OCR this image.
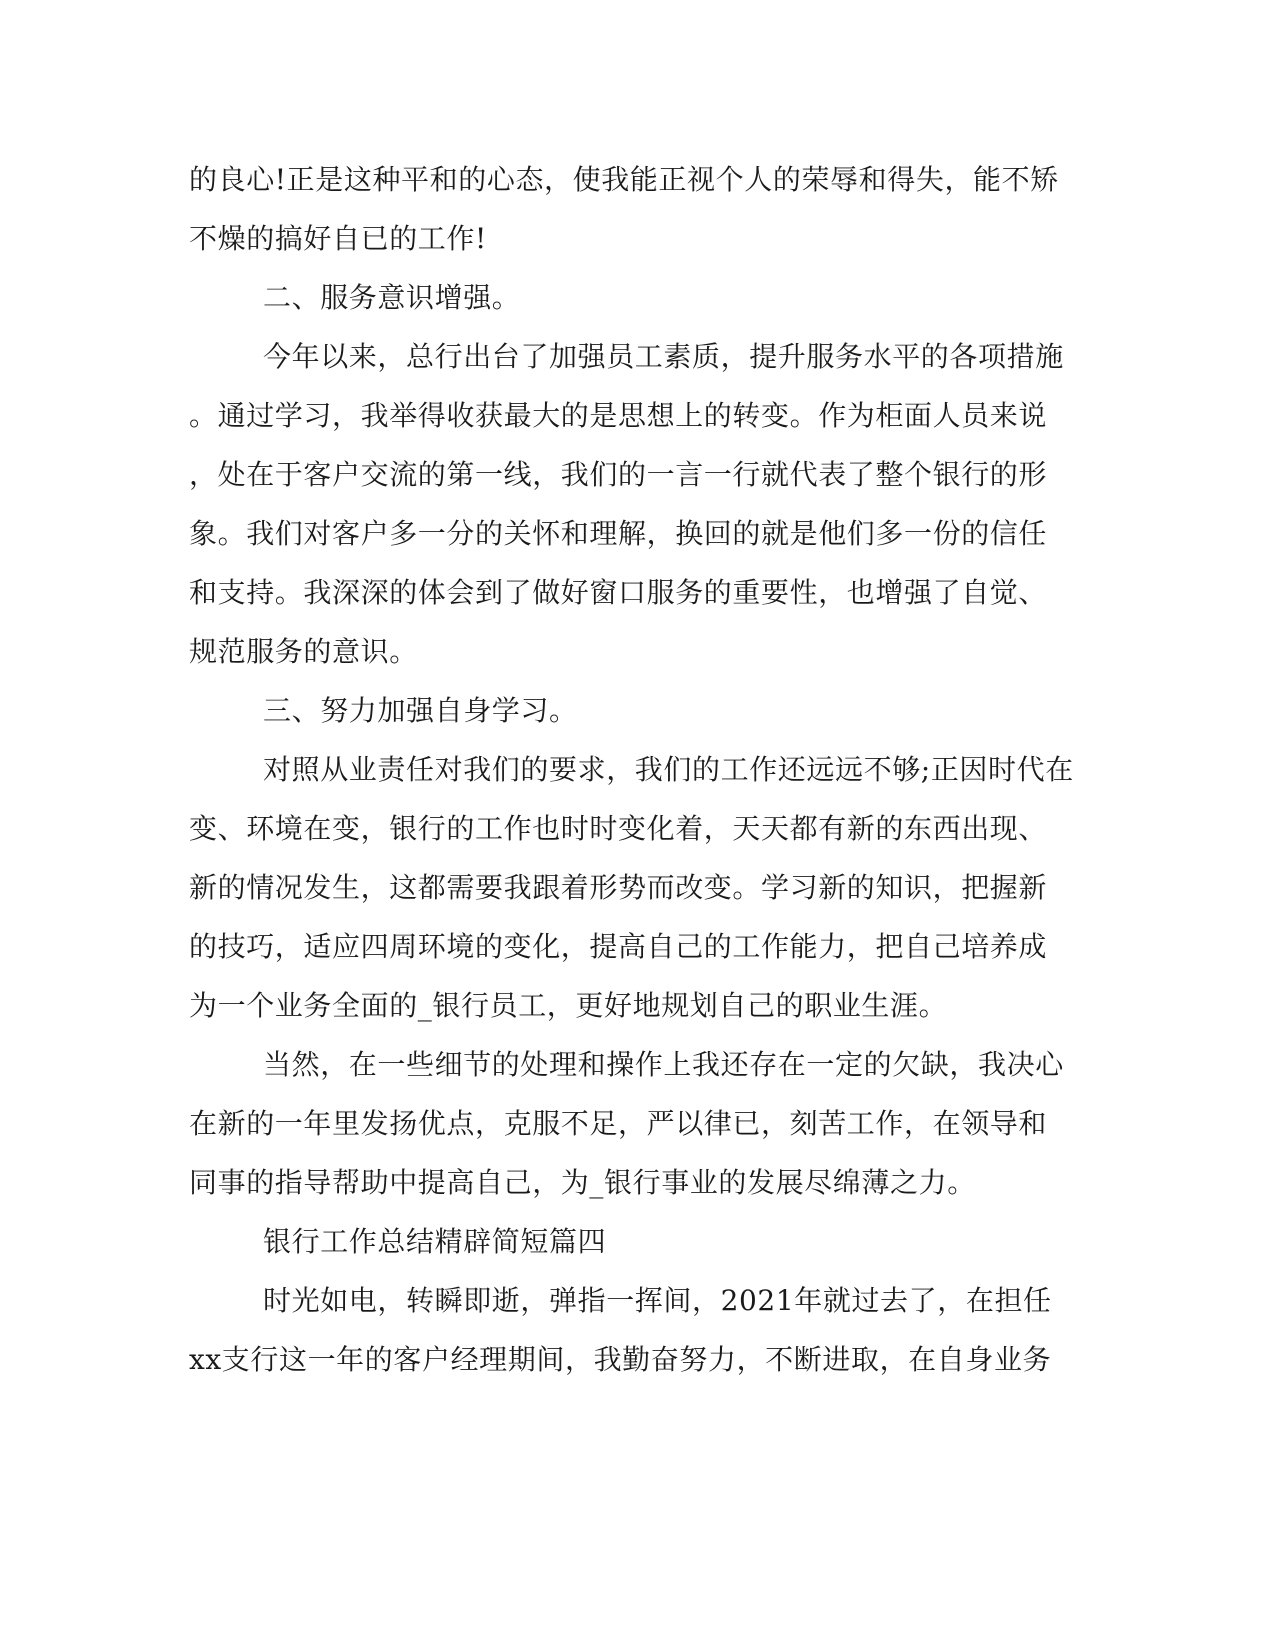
的良心!正是这种平和的心态，使我能正视个人的荣辱和得失，能不矫
不燥的搞好自已的工作!
二、服务意识增强。
今年以来，总行出台了加强员工素质，提升服务水平的各项措施
。通过学习，我举得收获最大的是思想上的转变。作为柜面人员来说
，处在于客户交流的第一线，我们的一言一行就代表了整个银行的形
象。我们对客户多一分的关怀和理解，换回的就是他们多一份的信任
和支持。我深深的体会到了做好窗口服务的重要性，也增强了自觉、
规范服务的意识。
三、努力加强自身学习。
对照从业责任对我们的要求，我们的工作还远远不够;正因时代在
变、环境在变，银行的工作也时时变化着，天天都有新的东西出现、
新的情况发生，这都需要我跟着形势而改变。学习新的知识，把握新
的技巧，适应四周环境的变化，提高自己的工作能力，把自己培养成
为一个业务全面的_银行员工，更好地规划自己的职业生涯。
当然，在一些细节的处理和操作上我还存在一定的欠缺，我决心
在新的一年里发扬优点，克服不足，严以律已，刻苦工作，在领导和
同事的指导帮助中提高自己，为_银行事业的发展尽绵薄之力。
银行工作总结精辟简短篇四
时光如电，转瞬即逝，弹指一挥间，2021年就过去了，在担任
xx支行这一年的客户经理期间，我勤奋努力，不断进取，在自身业务
